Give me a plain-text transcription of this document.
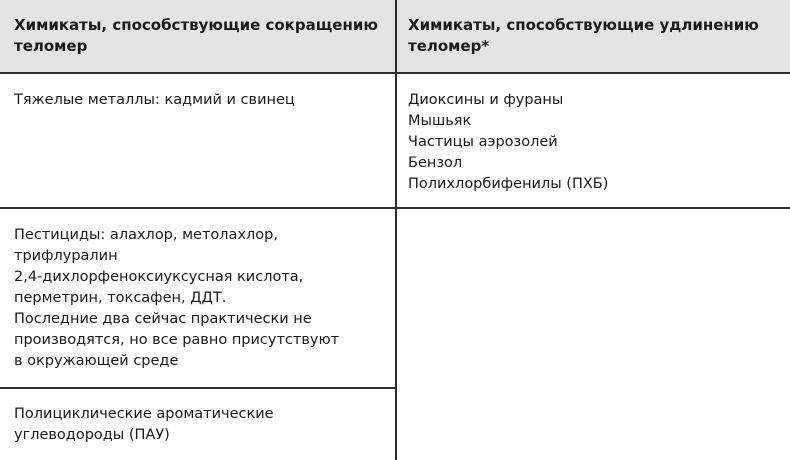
Химикаты, способствующие сокращению
теломер
Химикаты, способствующие удлинению
теломер*
Тяжелые металлы: кадмий и свинец	Диоксины и фураны
Мышьяк
Частицы аэрозолей
Бензол
Полихлорбифенилы (ПХБ)
Пестициды: алахлор, метолахлор,
трифлуралин
2,4-дихлорфеноксиуксусная кислота,
перметрин, токсафен, ДДТ.
Последние два сейчас практически не
производятся, но все равно присутствуют
в окружающей среде
Полициклические ароматические
углеводороды (ПАУ)
